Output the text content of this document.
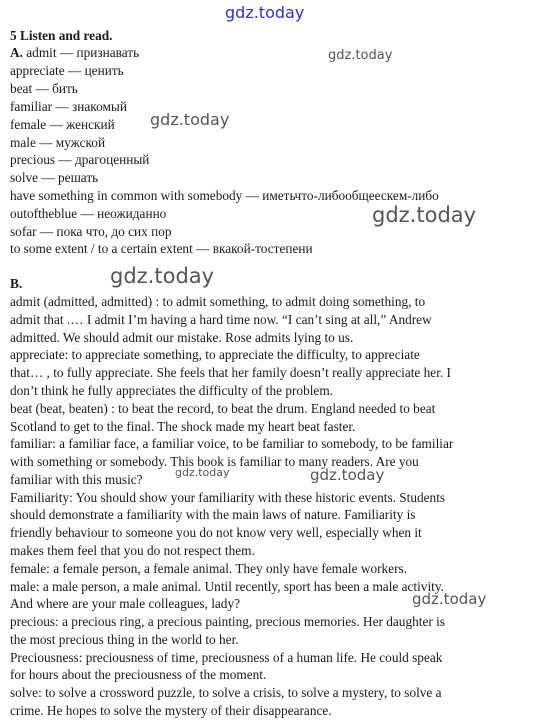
5 Listen and read.
A. admit — признавать
appreciate — ценить
beat — бить
familiar — знакомый
female — женский
male — мужской
precious — драгоценный
solve — решать
have something in common with somebody — иметьчто-либообщеескем-либо
outoftheblue — неожиданно
sofar — пока что, до сих пор
to some extent / to a certain extent — вкакой-тостепени
B.
admit (admitted, admitted) : to admit something, to admit doing something, to
admit that .… I admit I’m having a hard time now. “I can’t sing at all,” Andrew
admitted. We should admit our mistake. Rose admits lying to us.
appreciate: to appreciate something, to appreciate the difficulty, to appreciate
that… , to fully appreciate. She feels that her family doesn’t really appreciate her. I
don’t think he fully appreciates the difficulty of the problem.
beat (beat, beaten) : to beat the record, to beat the drum. England needed to beat
Scotland to get to the final. The shock made my heart beat faster.
familiar: a familiar face, a familiar voice, to be familiar to somebody, to be familiar
with something or somebody. This book is familiar to many readers. Are you
familiar with this music?
Familiarity: You should show your familiarity with these historic events. Students
should demonstrate a familiarity with the main laws of nature. Familiarity is
friendly behaviour to someone you do not know very well, especially when it
makes them feel that you do not respect them.
female: a female person, a female animal. They only have female workers.
male: a male person, a male animal. Until recently, sport has been a male activity.
And where are your male colleagues, lady?
precious: a precious ring, a precious painting, precious memories. Her daughter is
the most precious thing in the world to her.
Preciousness: preciousness of time, preciousness of a human life. He could speak
for hours about the preciousness of the moment.
solve: to solve a crossword puzzle, to solve a crisis, to solve a mystery, to solve a
crime. He hopes to solve the mystery of their disappearance.
gdz.today
gdz.today
gdz.today
gdz.today
gdz.today
gdz.today	gdz.today
gdz.today
